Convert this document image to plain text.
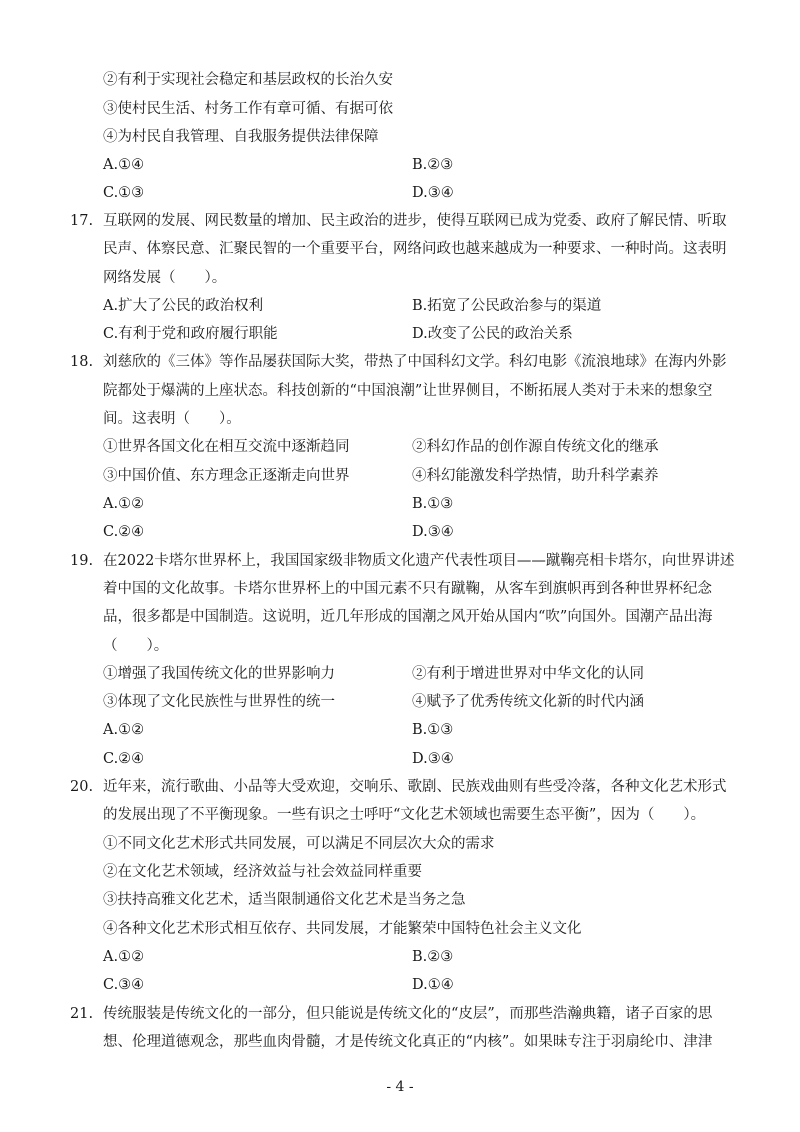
②有利于实现社会稳定和基层政权的长治久安
③使村民生活、村务工作有章可循、有据可依
④为村民自我管理、自我服务提供法律保障
A.①④	B.②③
C.①③	D.③④
17. 互联网的发展、网民数量的增加、民主政治的进步，使得互联网已成为党委、政府了解民情、听取
民声、体察民意、汇聚民智的一个重要平台，网络问政也越来越成为一种要求、一种时尚。这表明
网络发展（　　）。
A.扩大了公民的政治权利	B.拓宽了公民政治参与的渠道
C.有利于党和政府履行职能	D.改变了公民的政治关系
18. 刘慈欣的《三体》等作品屡获国际大奖，带热了中国科幻文学。科幻电影《流浪地球》在海内外影
院都处于爆满的上座状态。科技创新的“中国浪潮”让世界侧目，不断拓展人类对于未来的想象空
间。这表明（　　）。
①世界各国文化在相互交流中逐渐趋同	②科幻作品的创作源自传统文化的继承
③中国价值、东方理念正逐渐走向世界	④科幻能激发科学热情，助升科学素养
A.①②	B.①③
C.②④	D.③④
19. 在2022卡塔尔世界杯上，我国国家级非物质文化遗产代表性项目——蹴鞠亮相卡塔尔，向世界讲述
着中国的文化故事。卡塔尔世界杯上的中国元素不只有蹴鞠，从客车到旗帜再到各种世界杯纪念
品，很多都是中国制造。这说明，近几年形成的国潮之风开始从国内“吹”向国外。国潮产品出海
（　　）。
①增强了我国传统文化的世界影响力	②有利于增进世界对中华文化的认同
③体现了文化民族性与世界性的统一	④赋予了优秀传统文化新的时代内涵
A.①②	B.①③
C.②④	D.③④
20. 近年来，流行歌曲、小品等大受欢迎，交响乐、歌剧、民族戏曲则有些受冷落，各种文化艺术形式
的发展出现了不平衡现象。一些有识之士呼吁“文化艺术领域也需要生态平衡”，因为（　　）。
①不同文化艺术形式共同发展，可以满足不同层次大众的需求
②在文化艺术领域，经济效益与社会效益同样重要
③扶持高雅文化艺术，适当限制通俗文化艺术是当务之急
④各种文化艺术形式相互依存、共同发展，才能繁荣中国特色社会主义文化
A.①②	B.②③
C.③④	D.①④
21. 传统服装是传统文化的一部分，但只能说是传统文化的“皮层”，而那些浩瀚典籍，诸子百家的思
想、伦理道德观念，那些血肉骨髓，才是传统文化真正的“内核”。如果昧专注于羽扇纶巾、津津
- 4 -
